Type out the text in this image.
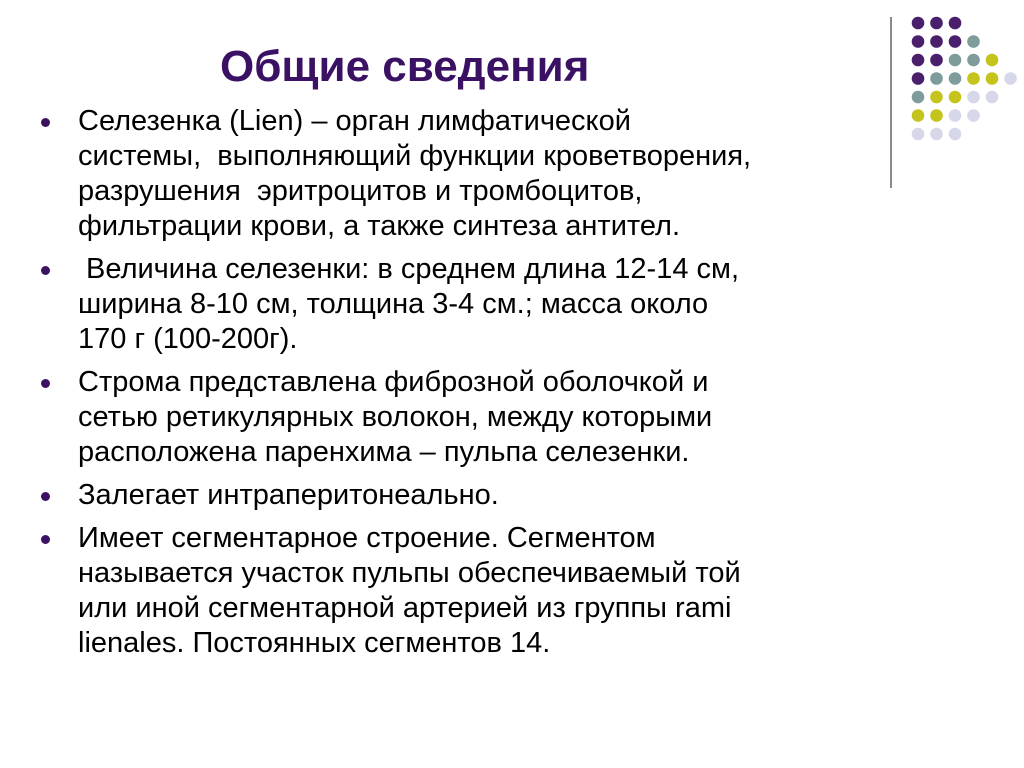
Общие сведения
Селезенка (Lien) – орган лимфатической
системы,  выполняющий функции кроветворения,
разрушения  эритроцитов и тромбоцитов,
фильтрации крови, а также синтеза антител.
Величина селезенки: в среднем длина 12-14 см,
ширина 8-10 см, толщина 3-4 см.; масса около
170 г (100-200г).
Строма представлена фиброзной оболочкой и
сетью ретикулярных волокон, между которыми
расположена паренхима – пульпа селезенки.
Залегает интраперитонеально.
Имеет сегментарное строение. Сегментом
называется участок пульпы обеспечиваемый той
или иной сегментарной артерией из группы rami
lienales. Постоянных сегментов 14.
